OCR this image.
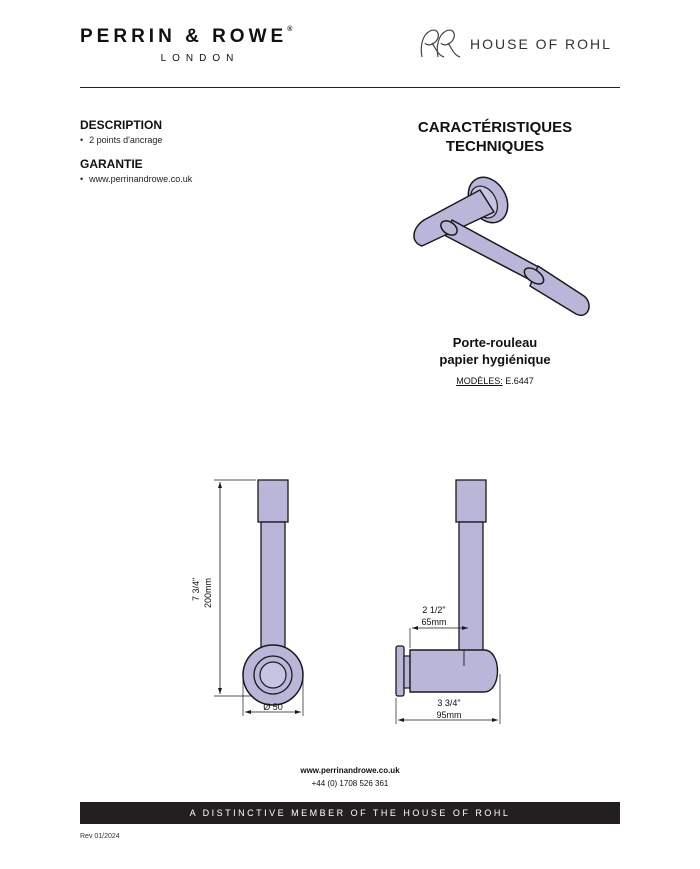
PERRIN & ROWE®
LONDON
HOUSE OF ROHL
DESCRIPTION
• 2 points d'ancrage
GARANTIE
• www.perrinandrowe.co.uk
CARACTÉRISTIQUES
TECHNIQUES
Porte-rouleau
papier hygiénique
MODÈLES: E.6447
7 3/4" 200mm
Ø 50
2 1/2"
65mm
3 3/4"
95mm
www.perrinandrowe.co.uk
+44 (0) 1708 526 361
A DISTINCTIVE MEMBER OF THE HOUSE OF ROHL
Rev 01/2024
